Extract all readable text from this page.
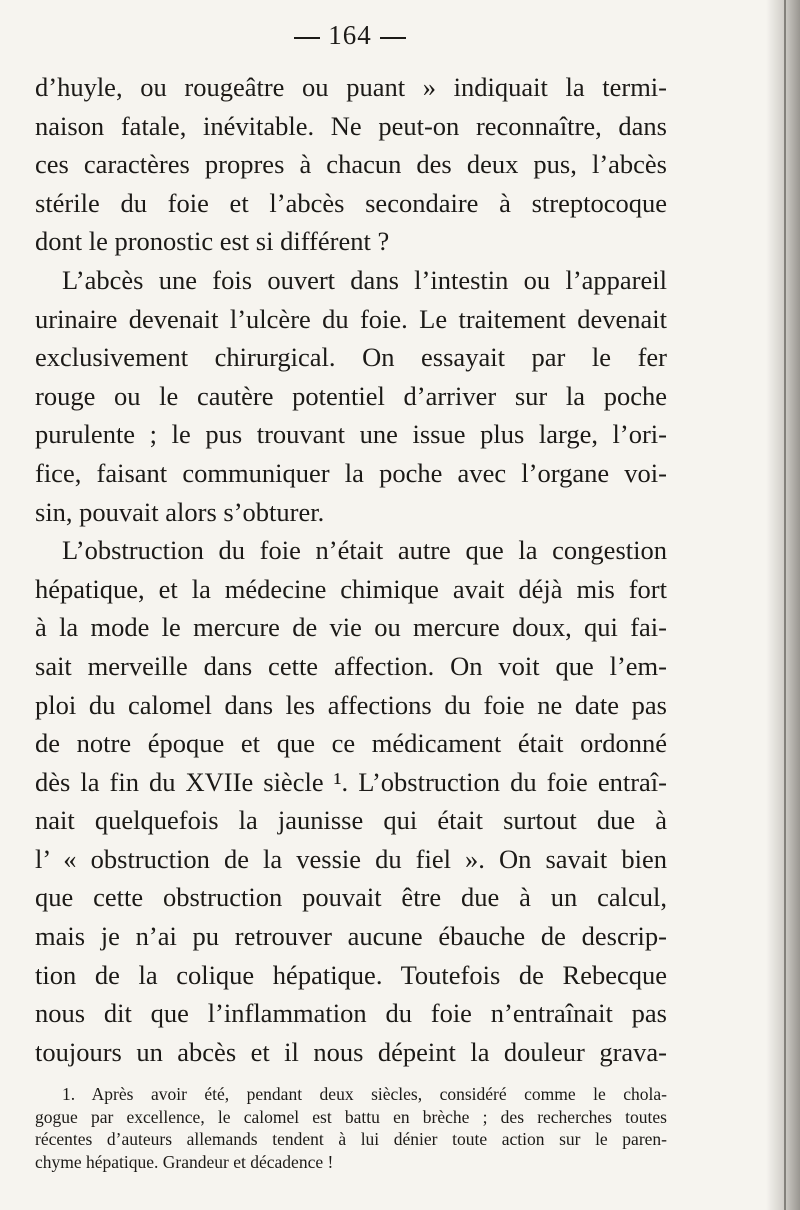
164
d’huyle, ou rougeâtre ou puant » indiquait la termi-
naison fatale, inévitable. Ne peut-on reconnaître, dans
ces caractères propres à chacun des deux pus, l’abcès
stérile du foie et l’abcès secondaire à streptocoque
dont le pronostic est si différent ?
L’abcès une fois ouvert dans l’intestin ou l’appareil
urinaire devenait l’ulcère du foie. Le traitement devenait
exclusivement chirurgical. On essayait par le fer
rouge ou le cautère potentiel d’arriver sur la poche
purulente ; le pus trouvant une issue plus large, l’ori-
fice, faisant communiquer la poche avec l’organe voi-
sin, pouvait alors s’obturer.
L’obstruction du foie n’était autre que la congestion
hépatique, et la médecine chimique avait déjà mis fort
à la mode le mercure de vie ou mercure doux, qui fai-
sait merveille dans cette affection. On voit que l’em-
ploi du calomel dans les affections du foie ne date pas
de notre époque et que ce médicament était ordonné
dès la fin du XVIIe siècle ¹. L’obstruction du foie entraî-
nait quelquefois la jaunisse qui était surtout due à
l’ « obstruction de la vessie du fiel ». On savait bien
que cette obstruction pouvait être due à un calcul,
mais je n’ai pu retrouver aucune ébauche de descrip-
tion de la colique hépatique. Toutefois de Rebecque
nous dit que l’inflammation du foie n’entraînait pas
toujours un abcès et il nous dépeint la douleur grava-
1. Après avoir été, pendant deux siècles, considéré comme le chola-
gogue par excellence, le calomel est battu en brèche ; des recherches toutes
récentes d’auteurs allemands tendent à lui dénier toute action sur le paren-
chyme hépatique. Grandeur et décadence !
